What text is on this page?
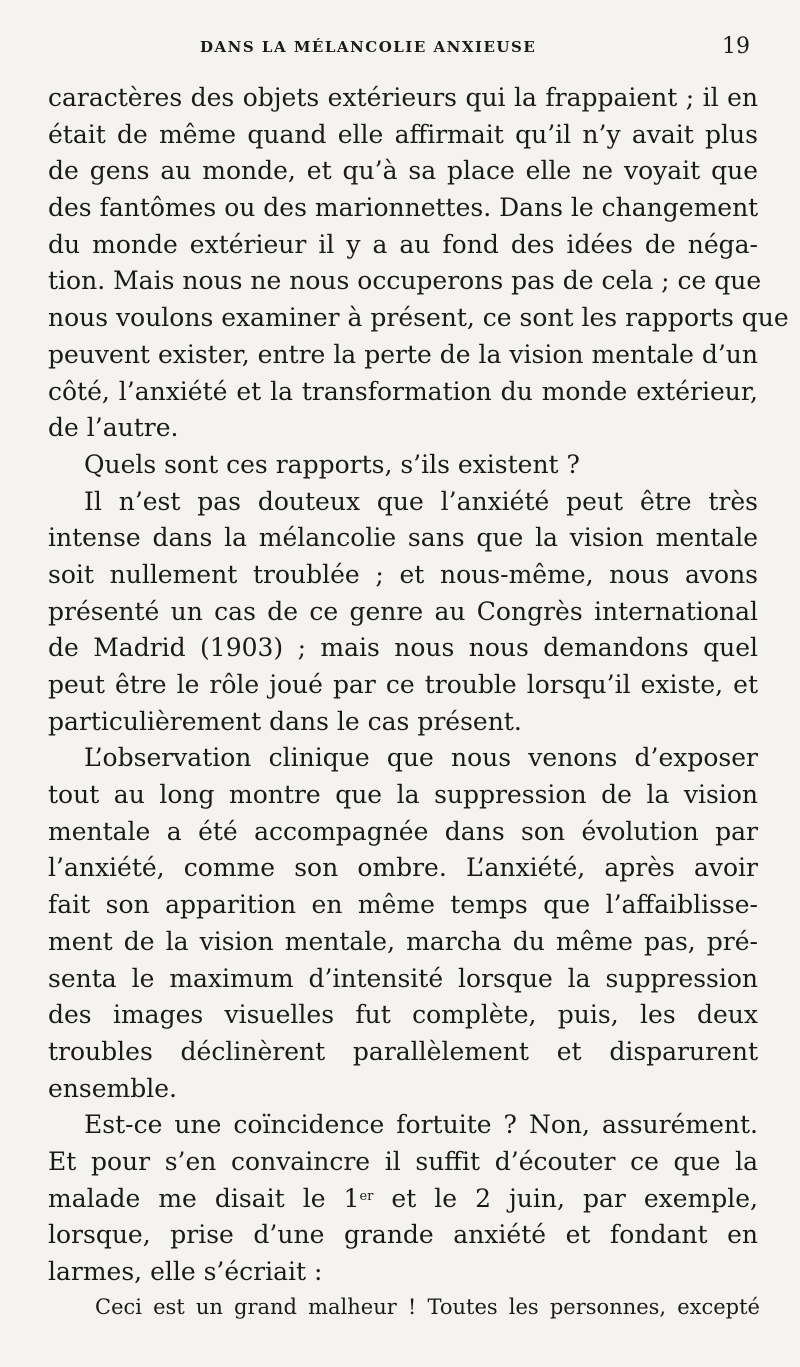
DANS LA MÉLANCOLIE ANXIEUSE	19
caractères des objets extérieurs qui la frappaient ; il en
était de même quand elle affirmait qu’il n’y avait plus
de gens au monde, et qu’à sa place elle ne voyait que
des fantômes ou des marionnettes. Dans le changement
du monde extérieur il y a au fond des idées de néga-
tion. Mais nous ne nous occuperons pas de cela ; ce que
nous voulons examiner à présent, ce sont les rapports que
peuvent exister, entre la perte de la vision mentale d’un
côté, l’anxiété et la transformation du monde extérieur,
de l’autre.
Quels sont ces rapports, s’ils existent ?
Il n’est pas douteux que l’anxiété peut être très
intense dans la mélancolie sans que la vision mentale
soit nullement troublée ; et nous-même, nous avons
présenté un cas de ce genre au Congrès international
de Madrid (1903) ; mais nous nous demandons quel
peut être le rôle joué par ce trouble lorsqu’il existe, et
particulièrement dans le cas présent.
L’observation clinique que nous venons d’exposer
tout au long montre que la suppression de la vision
mentale a été accompagnée dans son évolution par
l’anxiété, comme son ombre. L’anxiété, après avoir
fait son apparition en même temps que l’affaiblisse-
ment de la vision mentale, marcha du même pas, pré-
senta le maximum d’intensité lorsque la suppression
des images visuelles fut complète, puis, les deux
troubles déclinèrent parallèlement et disparurent
ensemble.
Est-ce une coïncidence fortuite ? Non, assurément.
Et pour s’en convaincre il suffit d’écouter ce que la
malade me disait le 1er et le 2 juin, par exemple,
lorsque, prise d’une grande anxiété et fondant en
larmes, elle s’écriait :
Ceci est un grand malheur ! Toutes les personnes, excepté
